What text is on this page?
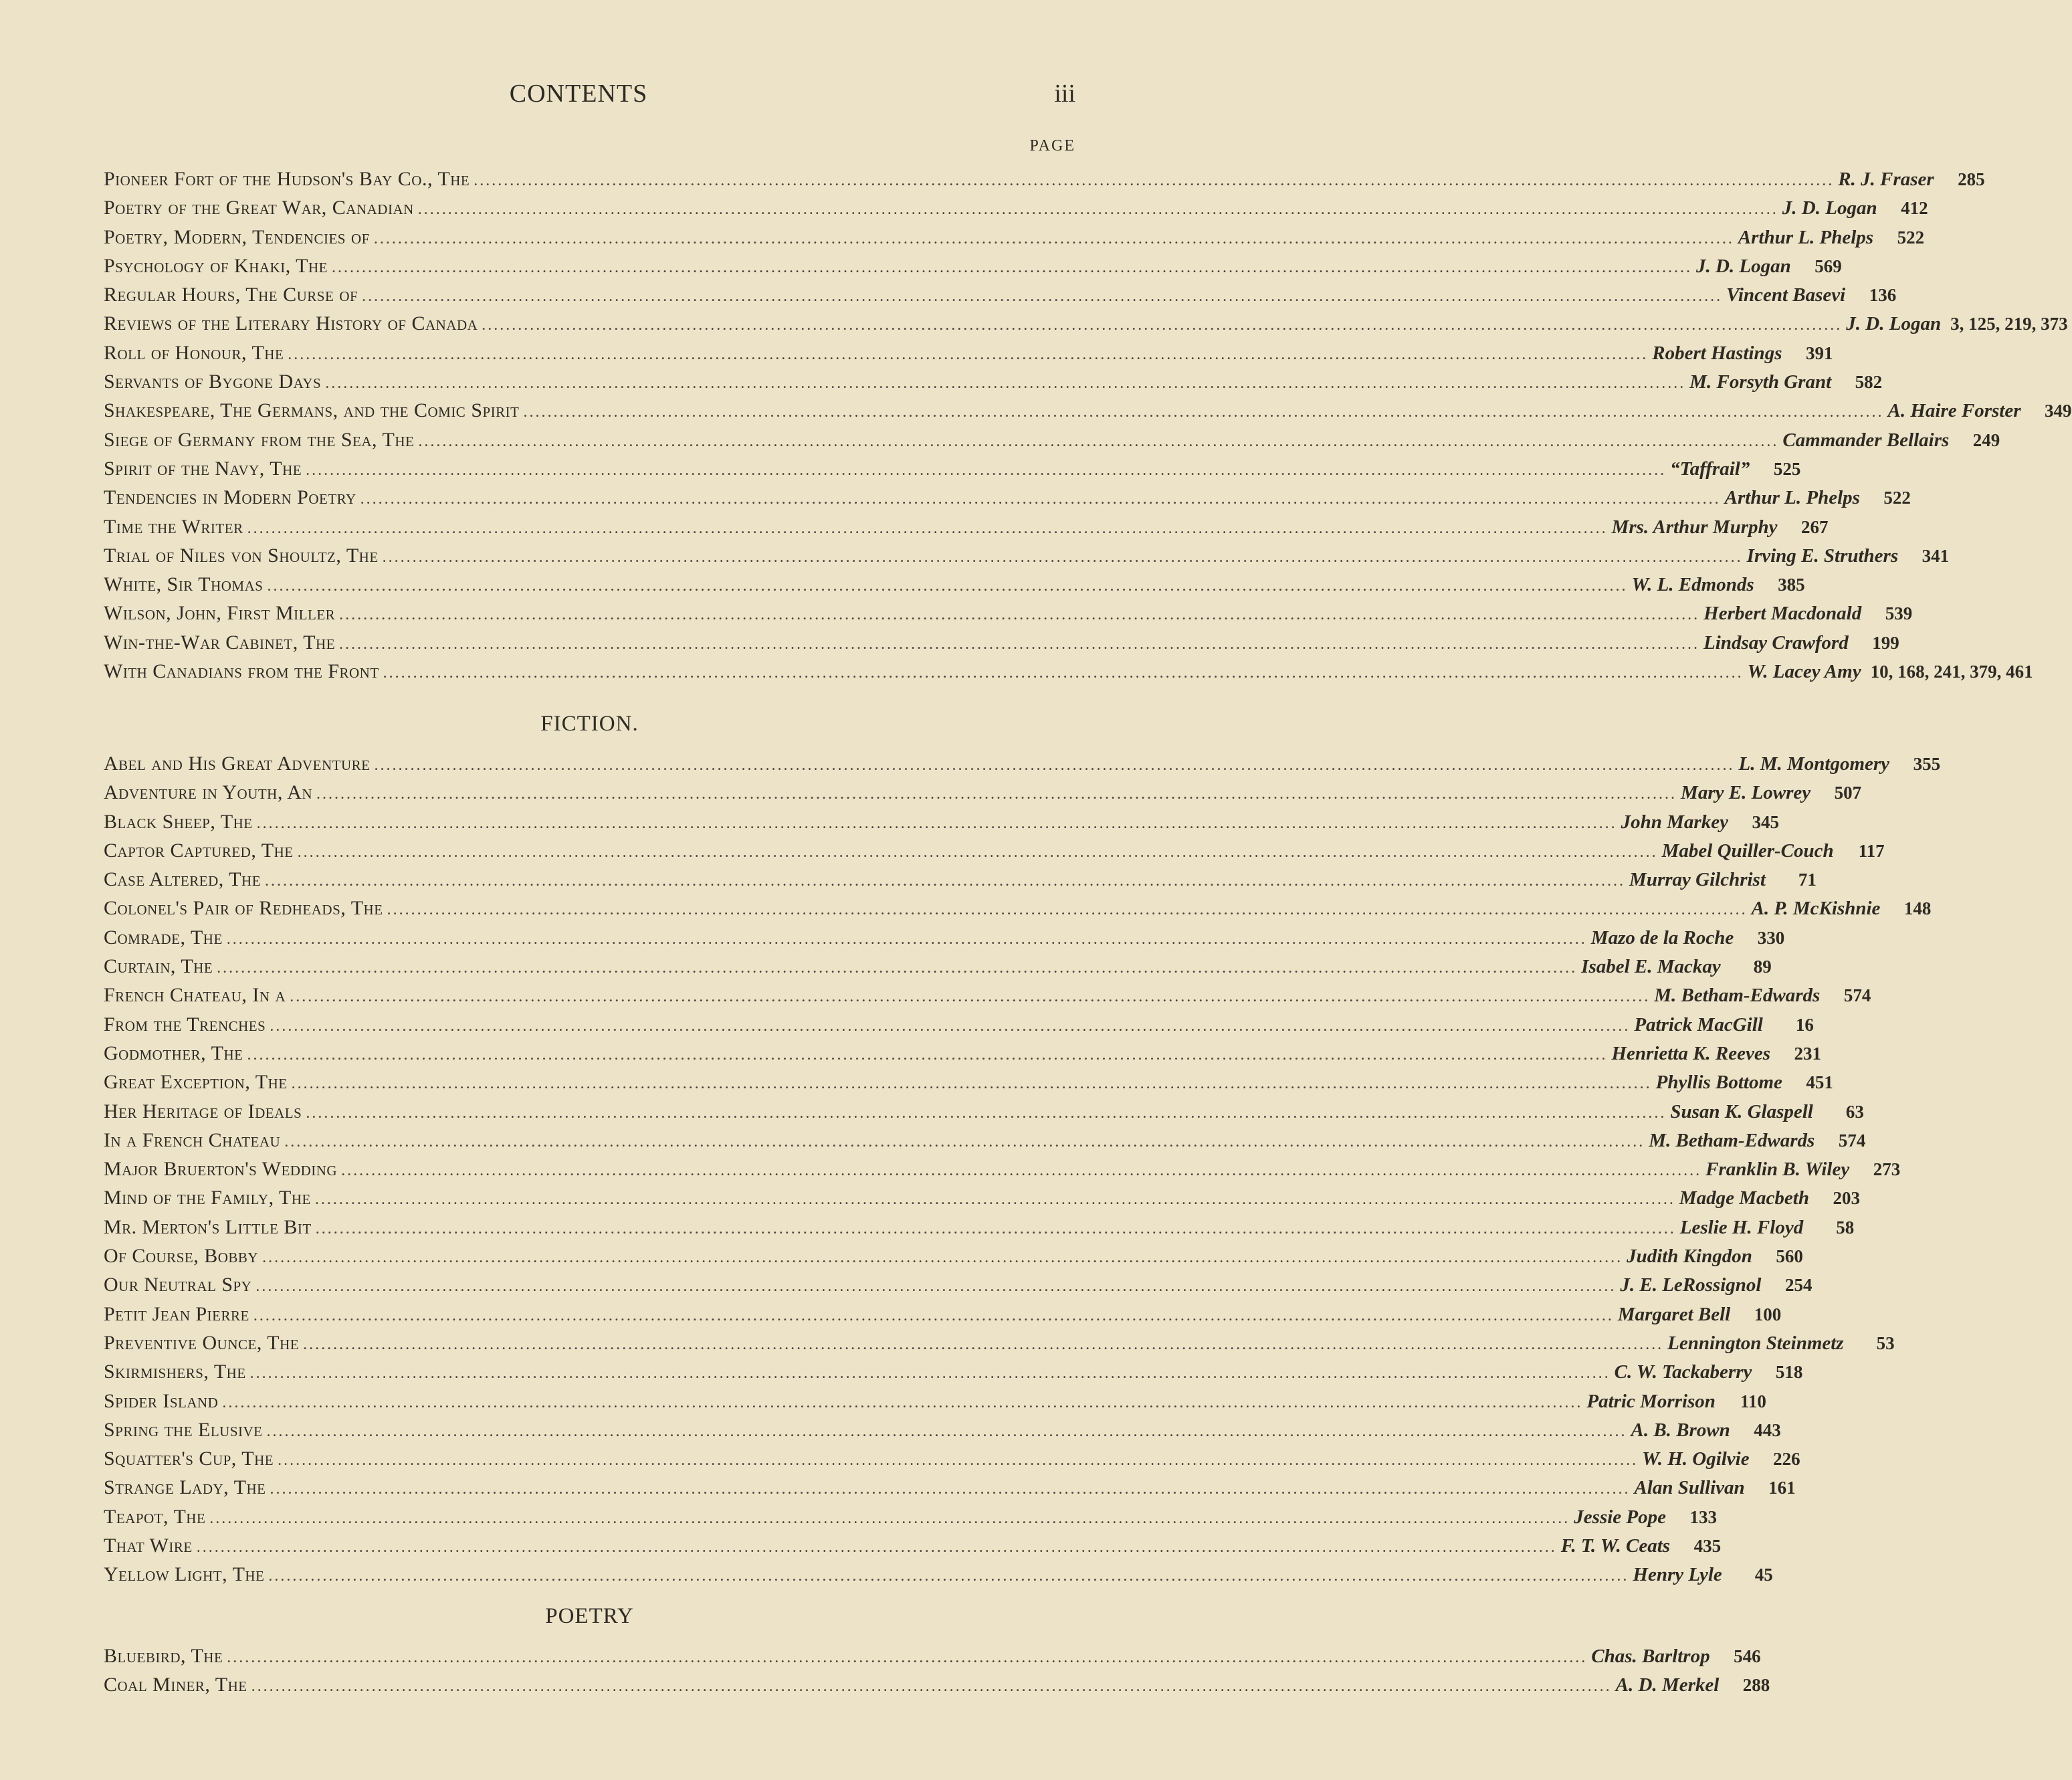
CONTENTS	iii
PAGE
Pioneer Fort of the Hudson's Bay Co., The .................................................................................................................................................................................................................................. R. J. Fraser	285
Poetry of the Great War, Canadian .................................................................................................................................................................................................................................. J. D. Logan	412
Poetry, Modern, Tendencies of .................................................................................................................................................................................................................................. Arthur L. Phelps	522
Psychology of Khaki, The .................................................................................................................................................................................................................................. J. D. Logan	569
Regular Hours, The Curse of .................................................................................................................................................................................................................................. Vincent Basevi	136
Reviews of the Literary History of Canada .................................................................................................................................................................................................................................. J. D. Logan 3, 125, 219, 373
Roll of Honour, The .................................................................................................................................................................................................................................. Robert Hastings	391
Servants of Bygone Days .................................................................................................................................................................................................................................. M. Forsyth Grant	582
Shakespeare, The Germans, and the Comic Spirit .................................................................................................................................................................................................................................. A. Haire Forster	349
Siege of Germany from the Sea, The .................................................................................................................................................................................................................................. Cammander Bellairs	249
Spirit of the Navy, The .................................................................................................................................................................................................................................. “Taffrail”	525
Tendencies in Modern Poetry .................................................................................................................................................................................................................................. Arthur L. Phelps	522
Time the Writer .................................................................................................................................................................................................................................. Mrs. Arthur Murphy	267
Trial of Niles von Shoultz, The .................................................................................................................................................................................................................................. Irving E. Struthers	341
White, Sir Thomas .................................................................................................................................................................................................................................. W. L. Edmonds	385
Wilson, John, First Miller .................................................................................................................................................................................................................................. Herbert Macdonald	539
Win-the-War Cabinet, The .................................................................................................................................................................................................................................. Lindsay Crawford	199
With Canadians from the Front .................................................................................................................................................................................................................................. W. Lacey Amy 10, 168, 241, 379, 461
FICTION.
Abel and His Great Adventure .................................................................................................................................................................................................................................. L. M. Montgomery	355
Adventure in Youth, An .................................................................................................................................................................................................................................. Mary E. Lowrey	507
Black Sheep, The .................................................................................................................................................................................................................................. John Markey	345
Captor Captured, The .................................................................................................................................................................................................................................. Mabel Quiller-Couch	117
Case Altered, The .................................................................................................................................................................................................................................. Murray Gilchrist	71
Colonel's Pair of Redheads, The .................................................................................................................................................................................................................................. A. P. McKishnie	148
Comrade, The .................................................................................................................................................................................................................................. Mazo de la Roche	330
Curtain, The .................................................................................................................................................................................................................................. Isabel E. Mackay	89
French Chateau, In a .................................................................................................................................................................................................................................. M. Betham-Edwards	574
From the Trenches .................................................................................................................................................................................................................................. Patrick MacGill	16
Godmother, The .................................................................................................................................................................................................................................. Henrietta K. Reeves	231
Great Exception, The .................................................................................................................................................................................................................................. Phyllis Bottome	451
Her Heritage of Ideals .................................................................................................................................................................................................................................. Susan K. Glaspell	63
In a French Chateau .................................................................................................................................................................................................................................. M. Betham-Edwards	574
Major Bruerton's Wedding .................................................................................................................................................................................................................................. Franklin B. Wiley	273
Mind of the Family, The .................................................................................................................................................................................................................................. Madge Macbeth	203
Mr. Merton's Little Bit .................................................................................................................................................................................................................................. Leslie H. Floyd	58
Of Course, Bobby .................................................................................................................................................................................................................................. Judith Kingdon	560
Our Neutral Spy .................................................................................................................................................................................................................................. J. E. LeRossignol	254
Petit Jean Pierre .................................................................................................................................................................................................................................. Margaret Bell	100
Preventive Ounce, The .................................................................................................................................................................................................................................. Lennington Steinmetz	53
Skirmishers, The .................................................................................................................................................................................................................................. C. W. Tackaberry	518
Spider Island .................................................................................................................................................................................................................................. Patric Morrison	110
Spring the Elusive .................................................................................................................................................................................................................................. A. B. Brown	443
Squatter's Cup, The .................................................................................................................................................................................................................................. W. H. Ogilvie	226
Strange Lady, The .................................................................................................................................................................................................................................. Alan Sullivan	161
Teapot, The .................................................................................................................................................................................................................................. Jessie Pope	133
That Wire .................................................................................................................................................................................................................................. F. T. W. Ceats	435
Yellow Light, The .................................................................................................................................................................................................................................. Henry Lyle	45
POETRY
Bluebird, The .................................................................................................................................................................................................................................. Chas. Barltrop	546
Coal Miner, The .................................................................................................................................................................................................................................. A. D. Merkel	288
